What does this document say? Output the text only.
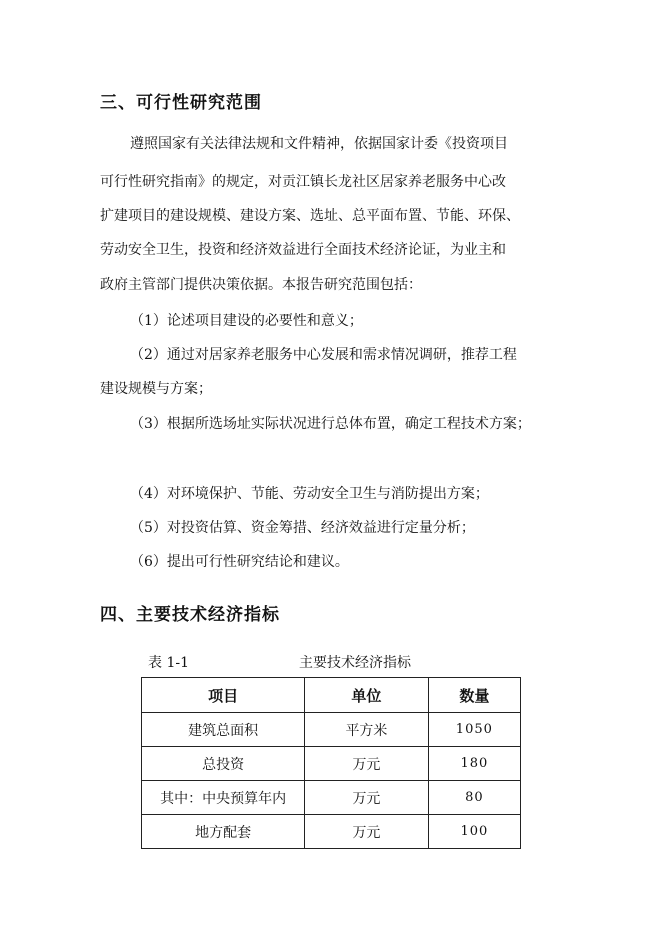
三、可行性研究范围
遵照国家有关法律法规和文件精神，依据国家计委《投资项目
可行性研究指南》的规定，对贡江镇长龙社区居家养老服务中心改
扩建项目的建设规模、建设方案、选址、总平面布置、节能、环保、
劳动安全卫生，投资和经济效益进行全面技术经济论证，为业主和
政府主管部门提供决策依据。本报告研究范围包括：
（1）论述项目建设的必要性和意义；
（2）通过对居家养老服务中心发展和需求情况调研，推荐工程
建设规模与方案；
（3）根据所选场址实际状况进行总体布置，确定工程技术方案；
（4）对环境保护、节能、劳动安全卫生与消防提出方案；
（5）对投资估算、资金筹措、经济效益进行定量分析；
（6）提出可行性研究结论和建议。
四、主要技术经济指标
表 1-1	主要技术经济指标
项目	单位	数量
建筑总面积	平方米	1050
总投资	万元	180
其中：中央预算年内	万元	80
地方配套	万元	100
